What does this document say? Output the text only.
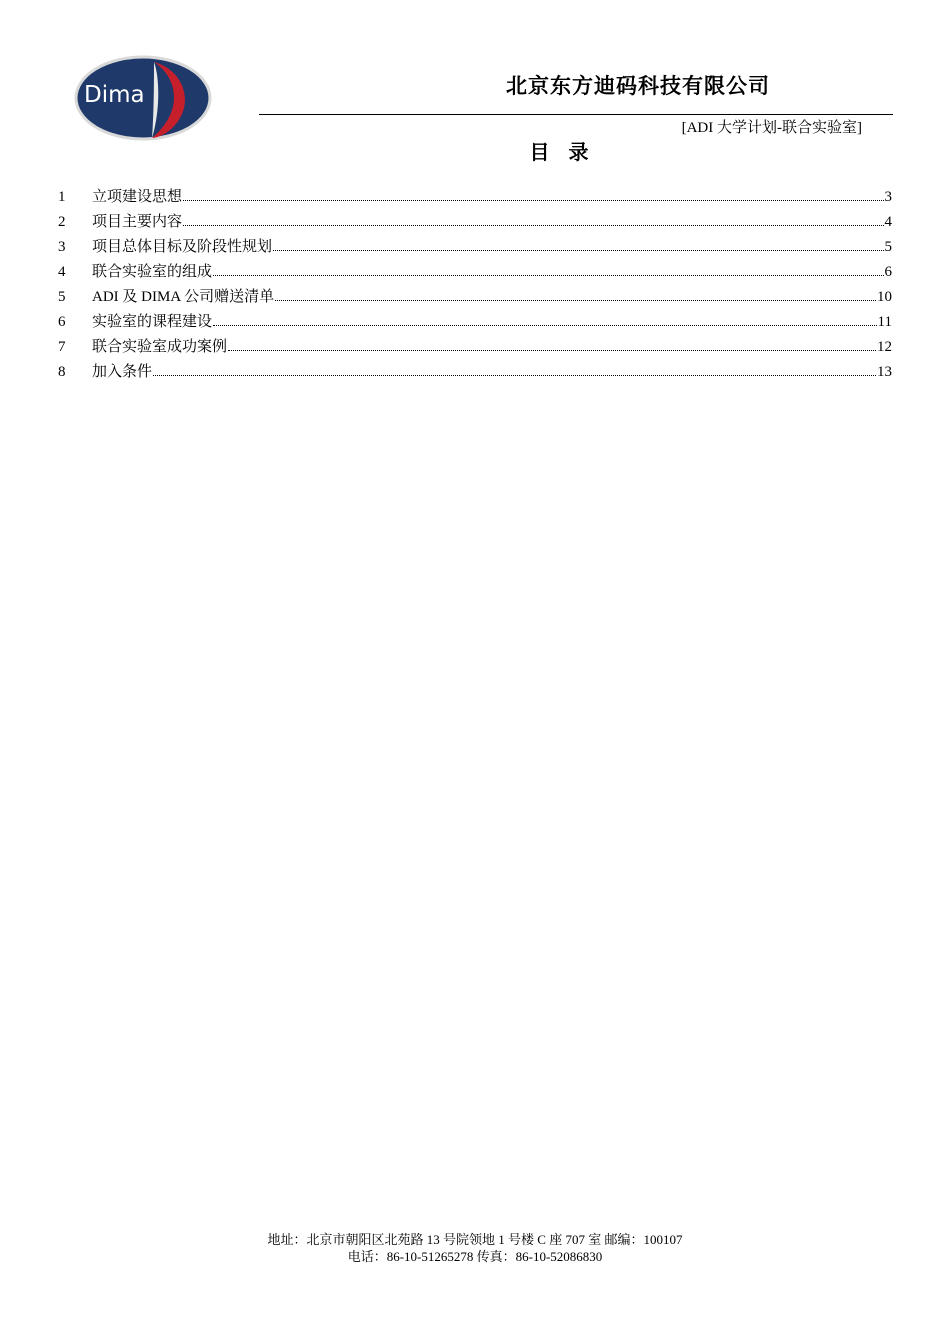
Dima	北京东方迪码科技有限公司
[ADI 大学计划-联合实验室]
目 录
1	立项建设思想	3
2	项目主要内容	4
3	项目总体目标及阶段性规划	5
4	联合实验室的组成	6
5	ADI 及 DIMA 公司赠送清单	10
6	实验室的课程建设	11
7	联合实验室成功案例	12
8	加入条件	13
地址：北京市朝阳区北苑路 13 号院领地 1 号楼 C 座 707 室 邮编：100107
电话：86-10-51265278 传真：86-10-52086830
